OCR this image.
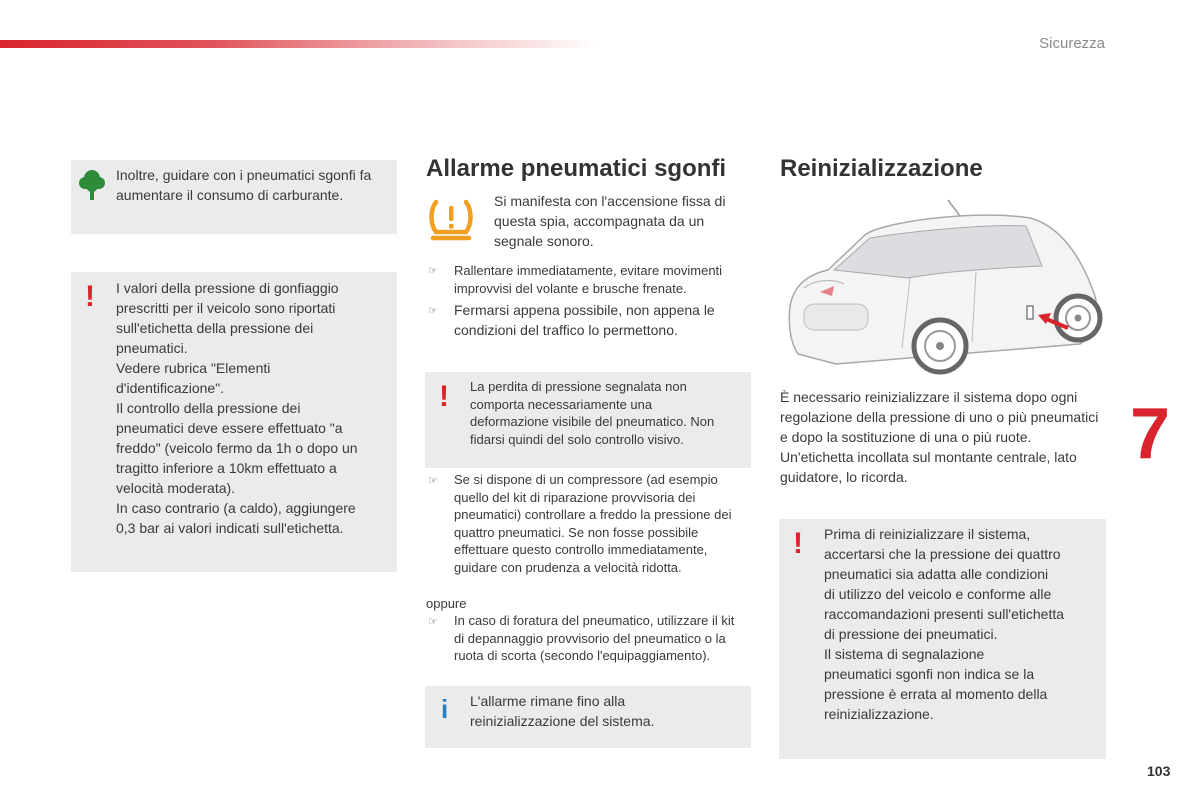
Sicurezza
Inoltre, guidare con i pneumatici sgonfi fa aumentare il consumo di carburante.
! I valori della pressione di gonfiaggio
prescritti per il veicolo sono riportati
sull'etichetta della pressione dei
pneumatici.
Vedere rubrica "Elementi
d'identificazione".
Il controllo della pressione dei
pneumatici deve essere effettuato "a
freddo" (veicolo fermo da 1h o dopo un
tragitto inferiore a 10km effettuato a
velocità moderata).
In caso contrario (a caldo), aggiungere
0,3 bar ai valori indicati sull'etichetta.
Allarme pneumatici sgonfi
Si manifesta con l'accensione fissa di questa spia, accompagnata da un segnale sonoro.
☞ Rallentare immediatamente, evitare movimenti improvvisi del volante e brusche frenate.
☞ Fermarsi appena possibile, non appena le condizioni del traffico lo permettono.
! La perdita di pressione segnalata non comporta necessariamente una deformazione visibile del pneumatico. Non fidarsi quindi del solo controllo visivo.
☞ Se si dispone di un compressore (ad esempio quello del kit di riparazione provvisoria dei pneumatici) controllare a freddo la pressione dei quattro pneumatici. Se non fosse possibile effettuare questo controllo immediatamente, guidare con prudenza a velocità ridotta.
oppure
☞ In caso di foratura del pneumatico, utilizzare il kit di depannaggio provvisorio del pneumatico o la ruota di scorta (secondo l'equipaggiamento).
i L'allarme rimane fino alla reinizializzazione del sistema.
Reinizializzazione
È necessario reinizializzare il sistema dopo ogni regolazione della pressione di uno o più pneumatici e dopo la sostituzione di una o più ruote.
Un'etichetta incollata sul montante centrale, lato guidatore, lo ricorda.
! Prima di reinizializzare il sistema,
accertarsi che la pressione dei quattro
pneumatici sia adatta alle condizioni
di utilizzo del veicolo e conforme alle
raccomandazioni presenti sull'etichetta
di pressione dei pneumatici.
Il sistema di segnalazione
pneumatici sgonfi non indica se la
pressione è errata al momento della
reinizializzazione.
7
103
